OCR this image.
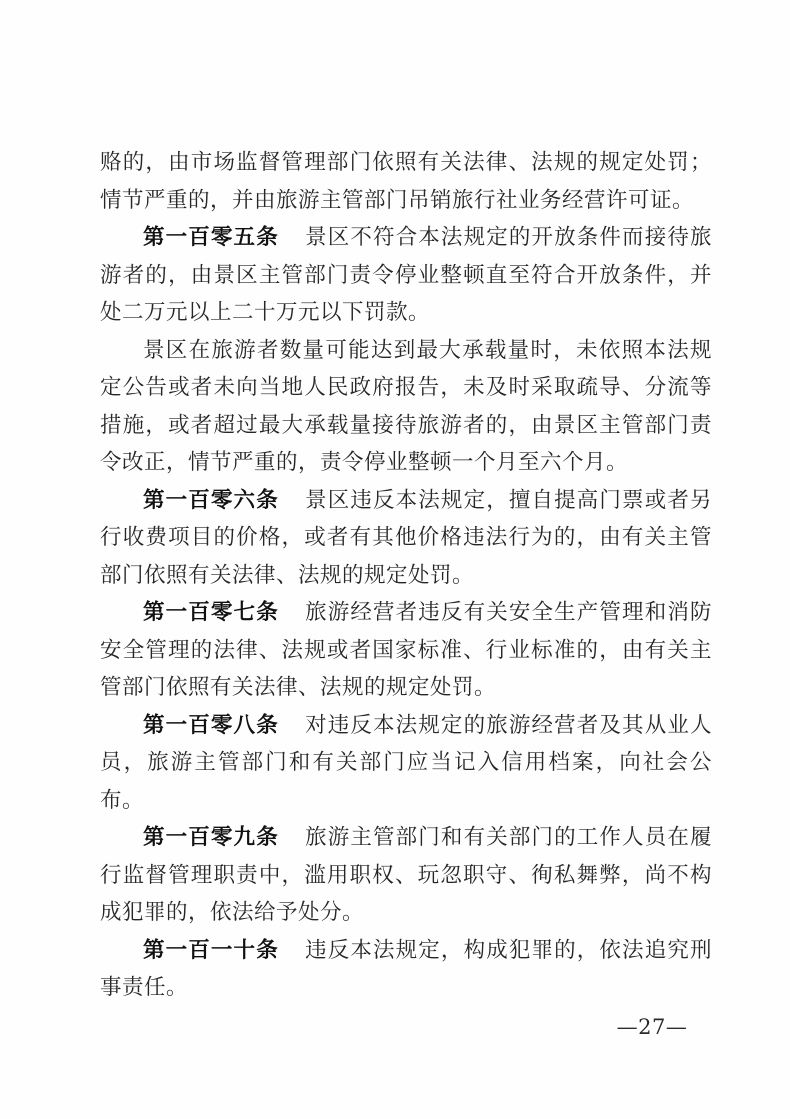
赂的，由市场监督管理部门依照有关法律、法规的规定处罚；情节严重的，并由旅游主管部门吊销旅行社业务经营许可证。

第一百零五条 景区不符合本法规定的开放条件而接待旅游者的，由景区主管部门责令停业整顿直至符合开放条件，并处二万元以上二十万元以下罚款。

景区在旅游者数量可能达到最大承载量时，未依照本法规定公告或者未向当地人民政府报告，未及时采取疏导、分流等措施，或者超过最大承载量接待旅游者的，由景区主管部门责令改正，情节严重的，责令停业整顿一个月至六个月。

第一百零六条 景区违反本法规定，擅自提高门票或者另行收费项目的价格，或者有其他价格违法行为的，由有关主管部门依照有关法律、法规的规定处罚。

第一百零七条 旅游经营者违反有关安全生产管理和消防安全管理的法律、法规或者国家标准、行业标准的，由有关主管部门依照有关法律、法规的规定处罚。

第一百零八条 对违反本法规定的旅游经营者及其从业人员，旅游主管部门和有关部门应当记入信用档案，向社会公布。

第一百零九条 旅游主管部门和有关部门的工作人员在履行监督管理职责中，滥用职权、玩忽职守、徇私舞弊，尚不构成犯罪的，依法给予处分。

第一百一十条 违反本法规定，构成犯罪的，依法追究刑事责任。

—27—
